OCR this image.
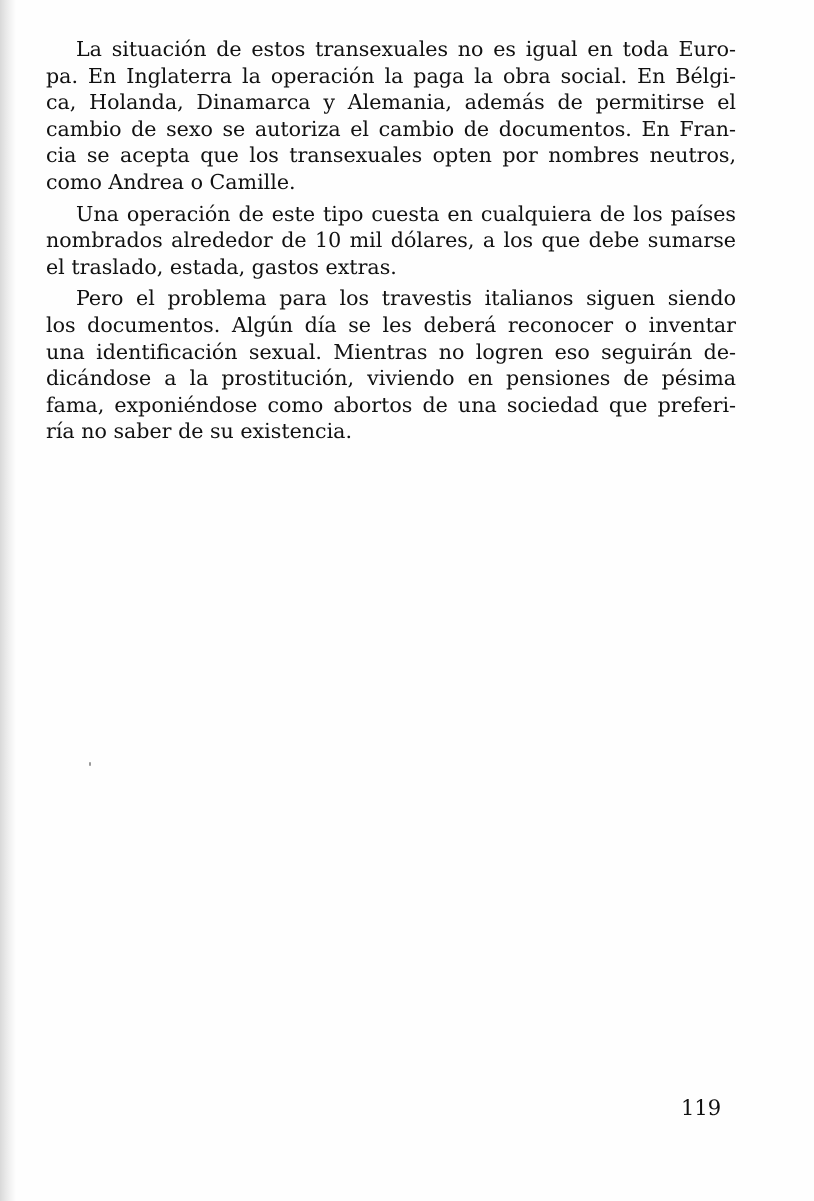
La situación de estos transexuales no es igual en toda Euro-
pa. En Inglaterra la operación la paga la obra social. En Bélgi-
ca, Holanda, Dinamarca y Alemania, además de permitirse el
cambio de sexo se autoriza el cambio de documentos. En Fran-
cia se acepta que los transexuales opten por nombres neutros,
como Andrea o Camille.
Una operación de este tipo cuesta en cualquiera de los países
nombrados alrededor de 10 mil dólares, a los que debe sumarse
el traslado, estada, gastos extras.
Pero el problema para los travestis italianos siguen siendo
los documentos. Algún día se les deberá reconocer o inventar
una identificación sexual. Mientras no logren eso seguirán de-
dicándose a la prostitución, viviendo en pensiones de pésima
fama, exponiéndose como abortos de una sociedad que preferi-
ría no saber de su existencia.
119
